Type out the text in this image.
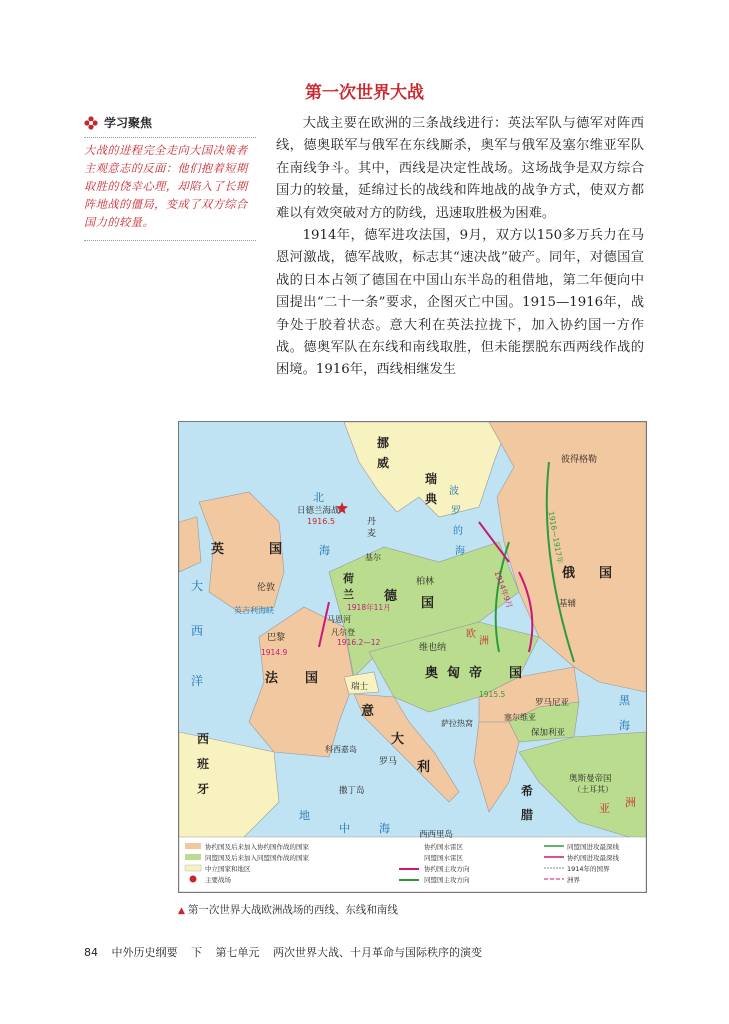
第一次世界大战
学习聚焦
大战的进程完全走向大国决策者主观意志的反面：他们抱着短期取胜的侥幸心理，却陷入了长期阵地战的僵局，变成了双方综合国力的较量。

大战主要在欧洲的三条战线进行：英法军队与德军对阵西线，德奥联军与俄军在东线厮杀，奥军与俄军及塞尔维亚军队在南线争斗。其中，西线是决定性战场。这场战争是双方综合国力的较量，延绵过长的战线和阵地战的战争方式，使双方都难以有效突破对方的防线，迅速取胜极为困难。

1914年，德军进攻法国，9月，双方以150多万兵力在马恩河激战，德军战败，标志其“速决战”破产。同年，对德国宣战的日本占领了德国在中国山东半岛的租借地，第二年便向中国提出“二十一条”要求，企图灭亡中国。1915—1916年，战争处于胶着状态。意大利在英法拉拢下，加入协约国一方作战。德奥军队在东线和南线取胜，但未能摆脱东西两线作战的困境。1916年，西线相继发生

协约国及后来加入协约国作战的国家
同盟国及后来加入同盟国作战的国家
中立国家和地区
主要战场
协约国水雷区
同盟国水雷区
协约国主攻方向
同盟国主攻方向
同盟国进攻最深线
协约国进攻最深线
1914年的国界
洲界
北
海
大
西
洋
波
罗
的
海
地
中	海
黑
海
挪
威
瑞
典
英	国
法 国
德 国
俄 国
奥 匈 帝 国
意
大
利
西
班
牙	希
腊
丹
麦
荷
兰
日德兰海战
1916.5
伦敦
巴黎
柏林
维也纳
彼得格勒
基辅
罗马
瑞士
罗马尼亚
保加利亚
塞尔维亚
萨拉热窝
奥斯曼帝国
（土耳其）
撒丁岛
科西嘉岛
西西里岛
英吉利海峡
凡尔登
马恩河
基尔
1914.9
1916.2—12
1914年9月
1918年11月
1915.5
1916—1917年
亚 洲
欧
洲
▲ 第一次世界大战欧洲战场的西线、东线和南线
84 中外历史纲要 下 第七单元 两次世界大战、十月革命与国际秩序的演变
